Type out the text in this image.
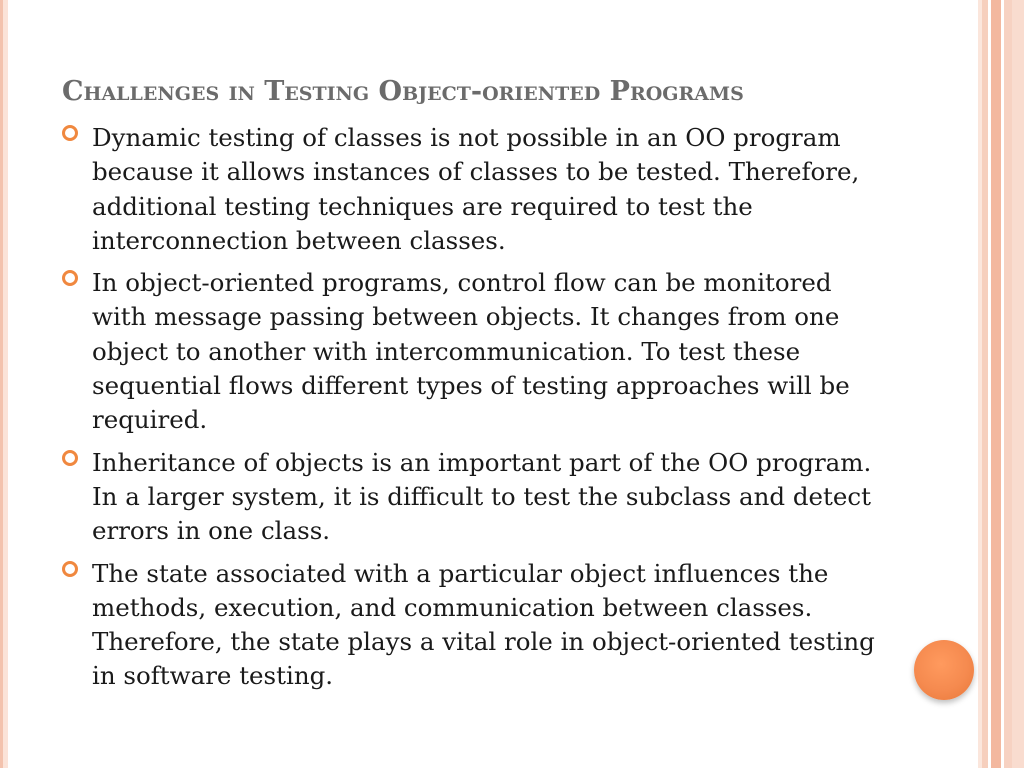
Challenges in Testing Object-oriented Programs
Dynamic testing of classes is not possible in an OO program because it allows instances of classes to be tested. Therefore, additional testing techniques are required to test the interconnection between classes.
In object-oriented programs, control flow can be monitored with message passing between objects. It changes from one object to another with intercommunication. To test these sequential flows different types of testing approaches will be required.
Inheritance of objects is an important part of the OO program. In a larger system, it is difficult to test the subclass and detect errors in one class.
The state associated with a particular object influences the methods, execution, and communication between classes. Therefore, the state plays a vital role in object-oriented testing in software testing.
